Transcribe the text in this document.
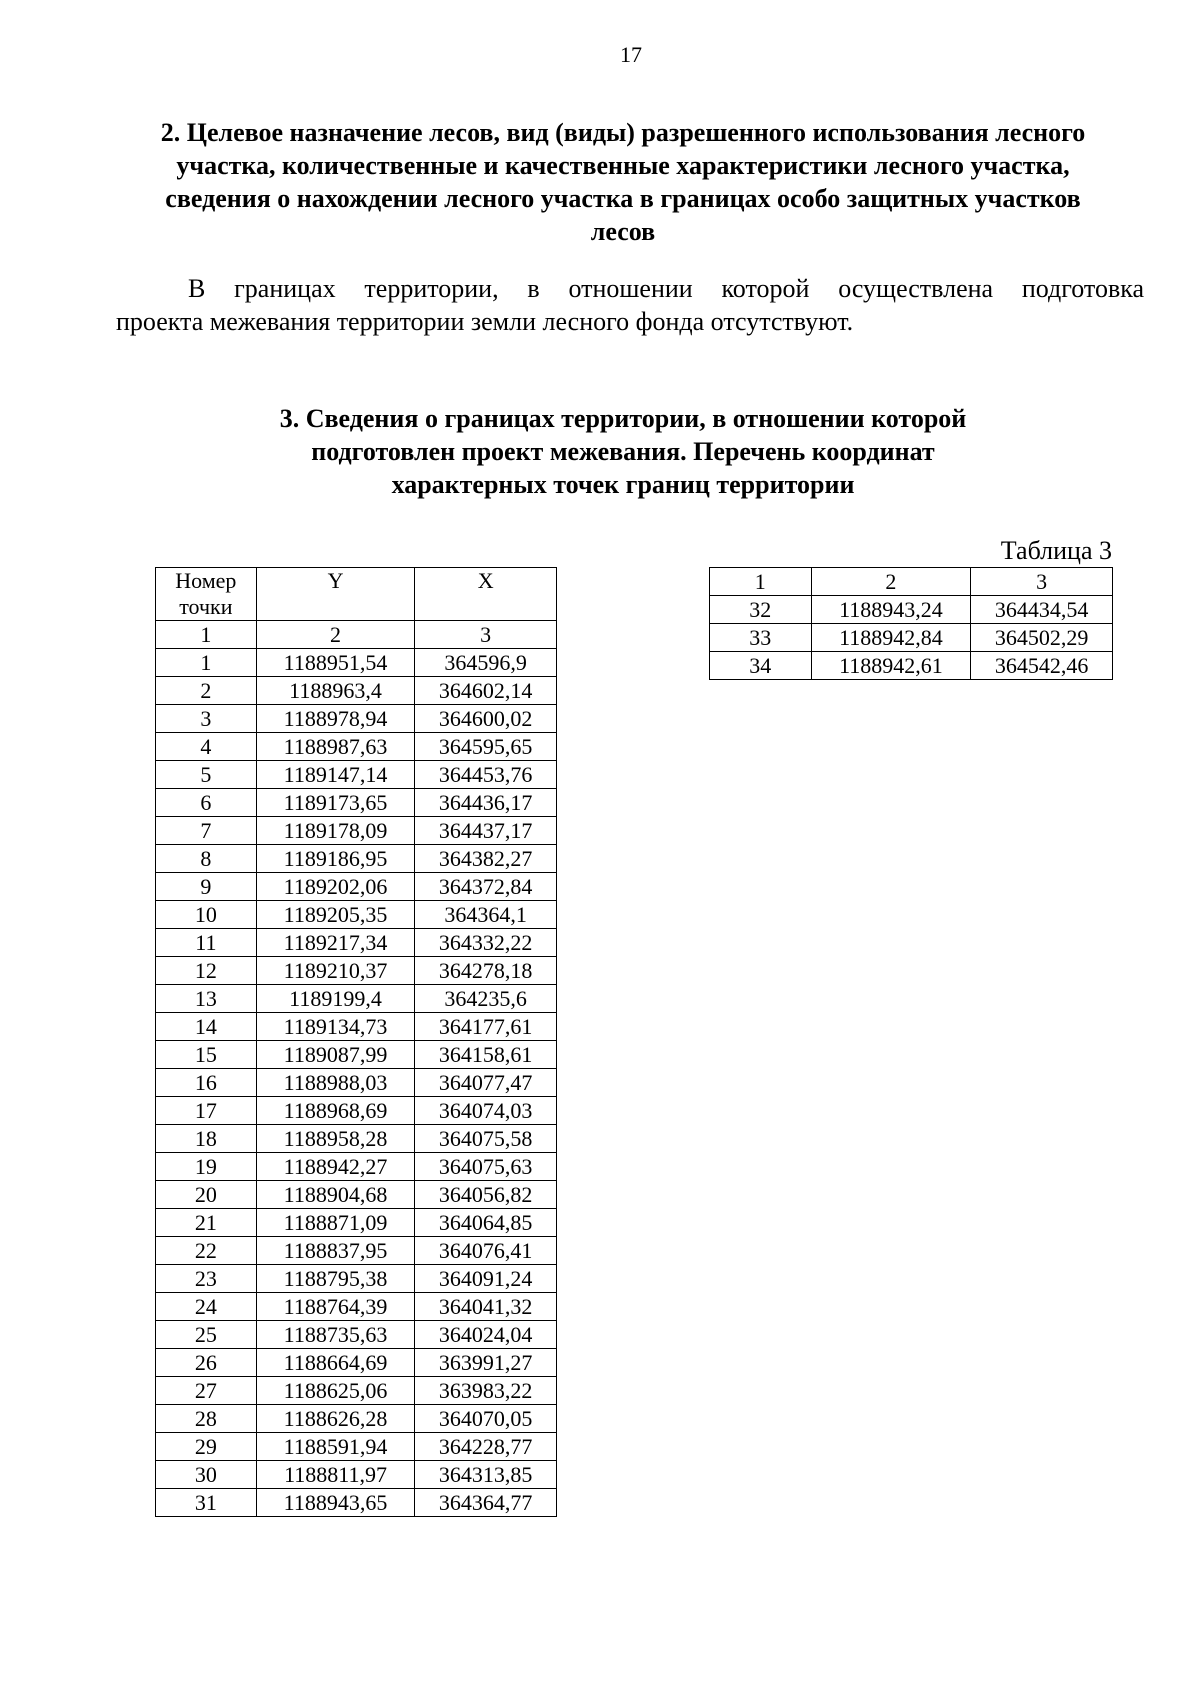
17
2. Целевое назначение лесов, вид (виды) разрешенного использования лесного
участка, количественные и качественные характеристики лесного участка,
сведения о нахождении лесного участка в границах особо защитных участков
лесов
В границах территории, в отношении которой осуществлена подготовка
проекта межевания территории земли лесного фонда отсутствуют.
3. Сведения о границах территории, в отношении которой
подготовлен проект межевания. Перечень координат
характерных точек границ территории
Таблица 3
Номер
точки	Y	X
1	2	3
1	1188951,54	364596,9
2	1188963,4	364602,14
3	1188978,94	364600,02
4	1188987,63	364595,65
5	1189147,14	364453,76
6	1189173,65	364436,17
7	1189178,09	364437,17
8	1189186,95	364382,27
9	1189202,06	364372,84
10	1189205,35	364364,1
11	1189217,34	364332,22
12	1189210,37	364278,18
13	1189199,4	364235,6
14	1189134,73	364177,61
15	1189087,99	364158,61
16	1188988,03	364077,47
17	1188968,69	364074,03
18	1188958,28	364075,58
19	1188942,27	364075,63
20	1188904,68	364056,82
21	1188871,09	364064,85
22	1188837,95	364076,41
23	1188795,38	364091,24
24	1188764,39	364041,32
25	1188735,63	364024,04
26	1188664,69	363991,27
27	1188625,06	363983,22
28	1188626,28	364070,05
29	1188591,94	364228,77
30	1188811,97	364313,85
31	1188943,65	364364,77
1	2	3
32	1188943,24	364434,54
33	1188942,84	364502,29
34	1188942,61	364542,46
